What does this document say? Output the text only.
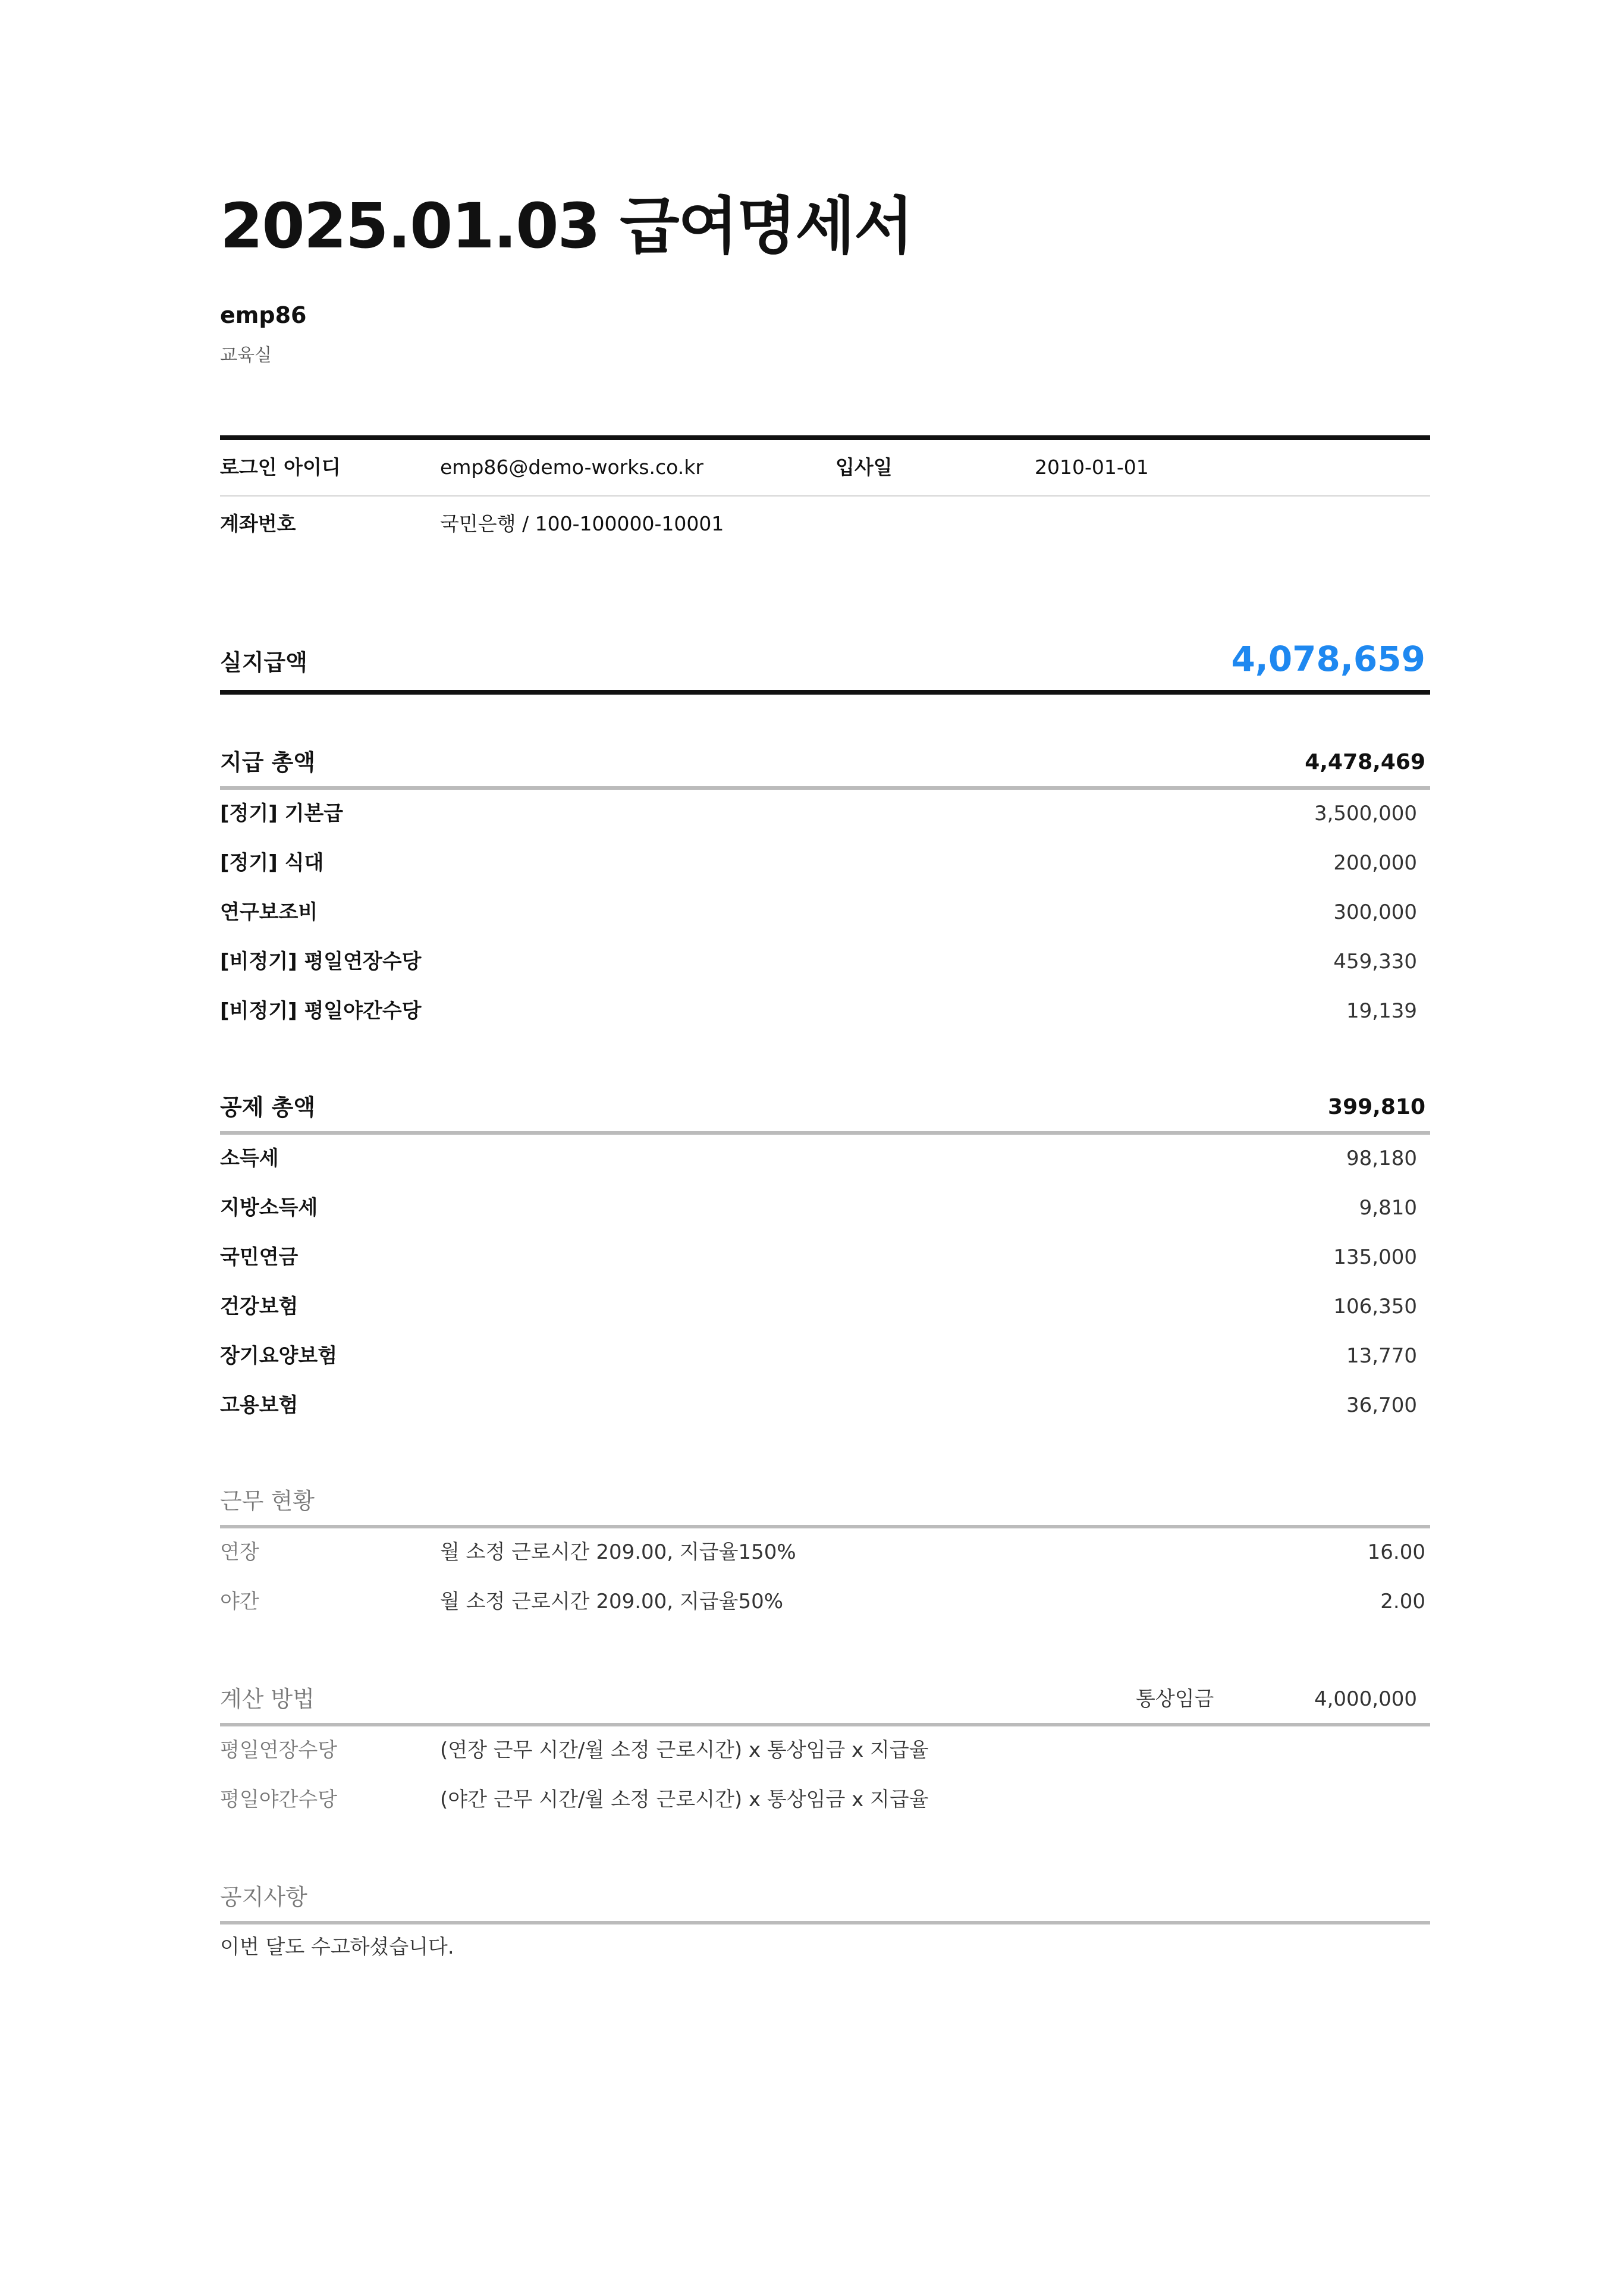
2025.01.03 급여명세서
emp86
교육실
로그인 아이디	emp86@demo-works.co.kr	입사일	2010-01-01
계좌번호	국민은행 / 100-100000-10001
실지급액	4,078,659
지급 총액	4,478,469
[정기] 기본급	3,500,000
[정기] 식대	200,000
연구보조비	300,000
[비정기] 평일연장수당	459,330
[비정기] 평일야간수당	19,139
공제 총액	399,810
소득세	98,180
지방소득세	9,810
국민연금	135,000
건강보험	106,350
장기요양보험	13,770
고용보험	36,700
근무 현황
연장	월 소정 근로시간 209.00, 지급율150%	16.00
야간	월 소정 근로시간 209.00, 지급율50%	2.00
계산 방법	통상임금	4,000,000
평일연장수당	(연장 근무 시간/월 소정 근로시간) x 통상임금 x 지급율
평일야간수당	(야간 근무 시간/월 소정 근로시간) x 통상임금 x 지급율
공지사항
이번 달도 수고하셨습니다.
